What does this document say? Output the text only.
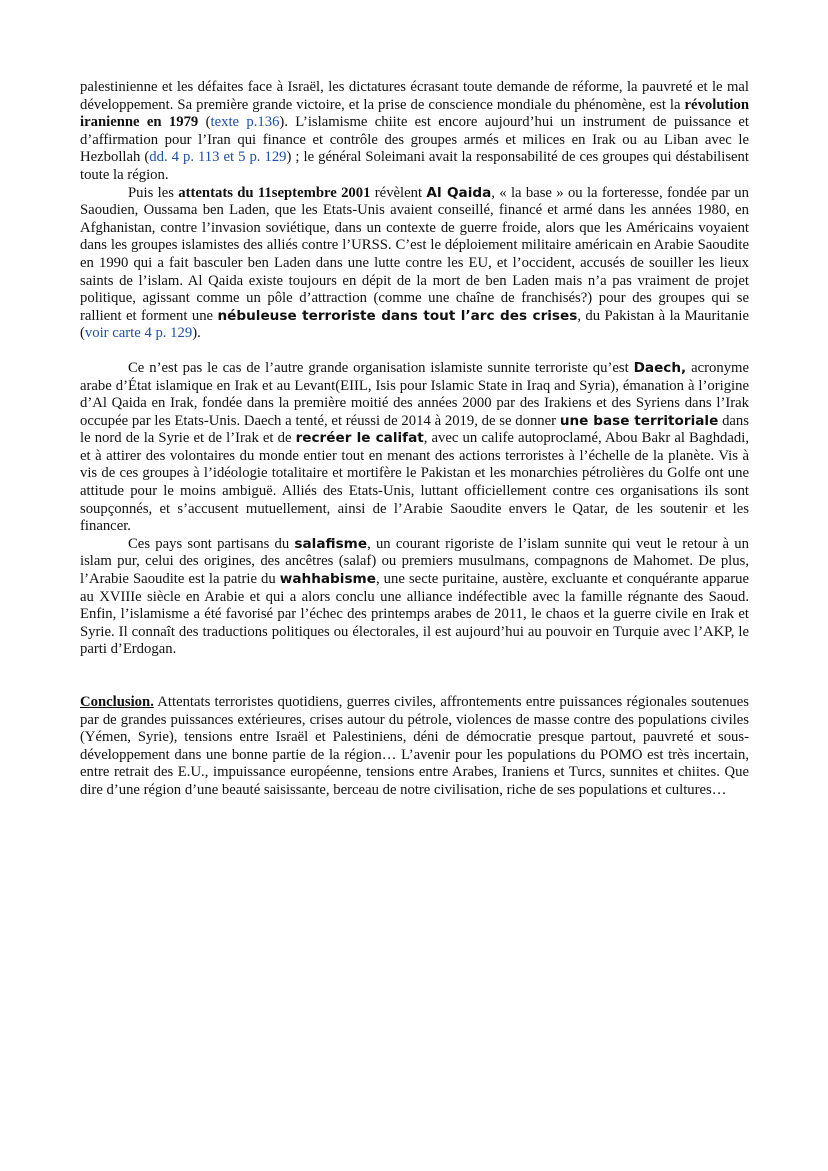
palestinienne et les défaites face à Israël, les dictatures écrasant toute demande de réforme, la pauvreté et le mal développement. Sa première grande victoire, et la prise de conscience mondiale du phénomène, est la révolution iranienne en 1979 (texte p.136). L’islamisme chiite est encore aujourd’hui un instrument de puissance et d’affirmation pour l’Iran qui finance et contrôle des groupes armés et milices en Irak ou au Liban avec le Hezbollah (dd. 4 p. 113 et 5 p. 129) ; le général Soleimani avait la responsabilité de ces groupes qui déstabilisent toute la région.

Puis les attentats du 11septembre 2001 révèlent Al Qaida, « la base » ou la forteresse, fondée par un Saoudien, Oussama ben Laden, que les Etats-Unis avaient conseillé, financé et armé dans les années 1980, en Afghanistan, contre l’invasion soviétique, dans un contexte de guerre froide, alors que les Américains voyaient dans les groupes islamistes des alliés contre l’URSS. C’est le déploiement militaire américain en Arabie Saoudite en 1990 qui a fait basculer ben Laden dans une lutte contre les EU, et l’occident, accusés de souiller les lieux saints de l’islam. Al Qaida existe toujours en dépit de la mort de ben Laden mais n’a pas vraiment de projet politique, agissant comme un pôle d’attraction (comme une chaîne de franchisés?) pour des groupes qui se rallient et forment une nébuleuse terroriste dans tout l’arc des crises, du Pakistan à la Mauritanie (voir carte 4 p. 129).

Ce n’est pas le cas de l’autre grande organisation islamiste sunnite terroriste qu’est Daech, acronyme arabe d’État islamique en Irak et au Levant(EIIL, Isis pour Islamic State in Iraq and Syria), émanation à l’origine d’Al Qaida en Irak, fondée dans la première moitié des années 2000 par des Irakiens et des Syriens dans l’Irak occupée par les Etats-Unis. Daech a tenté, et réussi de 2014 à 2019, de se donner une base territoriale dans le nord de la Syrie et de l’Irak et de recréer le califat, avec un calife autoproclamé, Abou Bakr al Baghdadi, et à attirer des volontaires du monde entier tout en menant des actions terroristes à l’échelle de la planète. Vis à vis de ces groupes à l’idéologie totalitaire et mortifère le Pakistan et les monarchies pétrolières du Golfe ont une attitude pour le moins ambiguë. Alliés des Etats-Unis, luttant officiellement contre ces organisations ils sont soupçonnés, et s’accusent mutuellement, ainsi de l’Arabie Saoudite envers le Qatar, de les soutenir et les financer.

Ces pays sont partisans du salafisme, un courant rigoriste de l’islam sunnite qui veut le retour à un islam pur, celui des origines, des ancêtres (salaf) ou premiers musulmans, compagnons de Mahomet. De plus, l’Arabie Saoudite est la patrie du wahhabisme, une secte puritaine, austère, excluante et conquérante apparue au XVIIIe siècle en Arabie et qui a alors conclu une alliance indéfectible avec la famille régnante des Saoud. Enfin, l’islamisme a été favorisé par l’échec des printemps arabes de 2011, le chaos et la guerre civile en Irak et Syrie. Il connaît des traductions politiques ou électorales, il est aujourd’hui au pouvoir en Turquie avec l’AKP, le parti d’Erdogan.

Conclusion. Attentats terroristes quotidiens, guerres civiles, affrontements entre puissances régionales soutenues par de grandes puissances extérieures, crises autour du pétrole, violences de masse contre des populations civiles (Yémen, Syrie), tensions entre Israël et Palestiniens, déni de démocratie presque partout, pauvreté et sous-développement dans une bonne partie de la région… L’avenir pour les populations du POMO est très incertain, entre retrait des E.U., impuissance européenne, tensions entre Arabes, Iraniens et Turcs, sunnites et chiites. Que dire d’une région d’une beauté saisissante, berceau de notre civilisation, riche de ses populations et cultures…
